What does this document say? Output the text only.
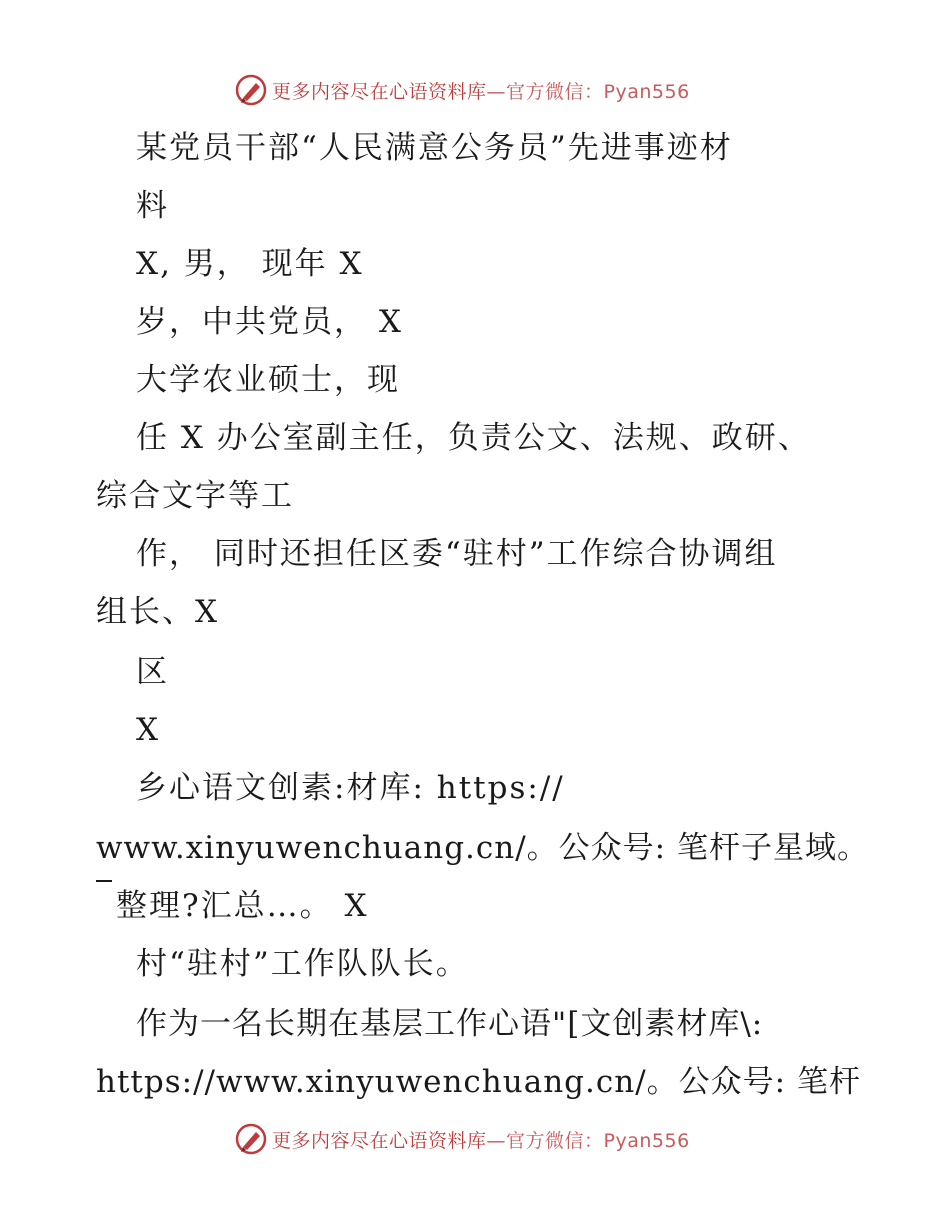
更多内容尽在心语资料库—官方微信：Pyan556
某党员干部“人民满意公务员”先进事迹材
料
X, 男， 现年 X
岁，中共党员， X
大学农业硕士，现
任 X 办公室副主任，负责公文、法规、政研、
综合文字等工
作， 同时还担任区委“驻村”工作综合协调组
组长、X
区
X
乡心语文创素:材库: https://
www.xinyuwenchuang.cn/。公众号: 笔杆子星域。
整理?汇总…。 X
村“驻村”工作队队长。
作为一名长期在基层工作心语"[文创素材库\:
https://www.xinyuwenchuang.cn/。公众号: 笔杆
更多内容尽在心语资料库—官方微信：Pyan556
